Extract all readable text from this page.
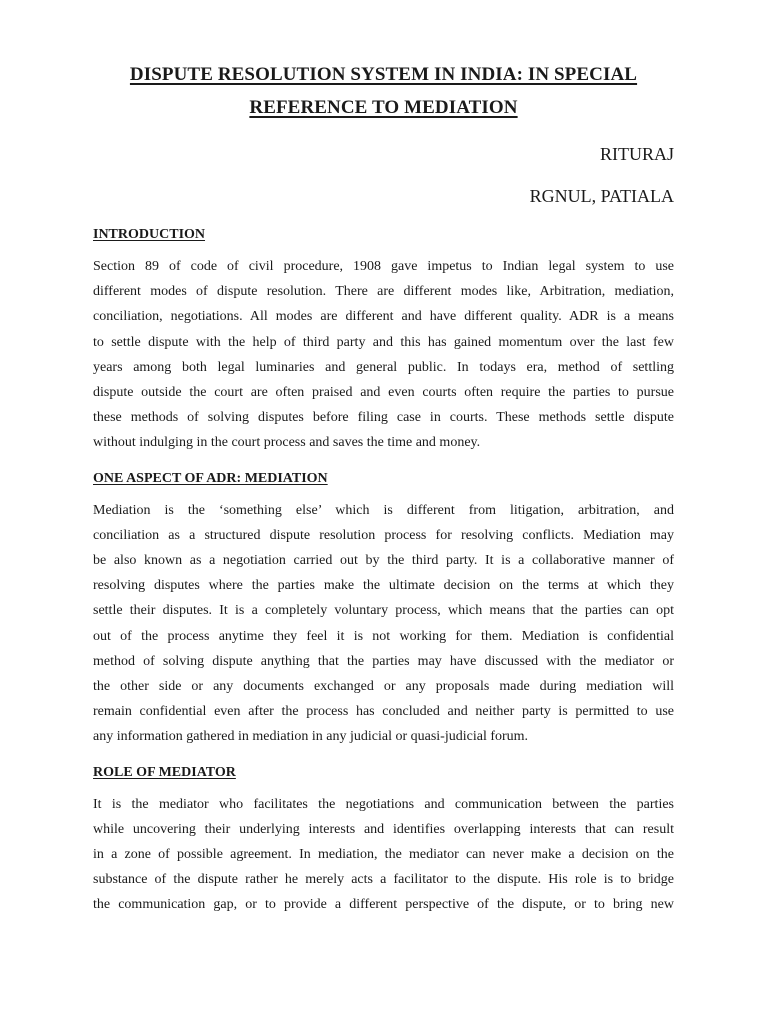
DISPUTE RESOLUTION SYSTEM IN INDIA: IN SPECIAL
REFERENCE TO MEDIATION

RITURAJ

RGNUL, PATIALA

INTRODUCTION
Section 89 of code of civil procedure, 1908 gave impetus to Indian legal system to use
different modes of dispute resolution. There are different modes like, Arbitration, mediation,
conciliation, negotiations. All modes are different and have different quality. ADR is a means
to settle dispute with the help of third party and this has gained momentum over the last few
years among both legal luminaries and general public. In todays era, method of settling
dispute outside the court are often praised and even courts often require the parties to pursue
these methods of solving disputes before filing case in courts. These methods settle dispute
without indulging in the court process and saves the time and money.
ONE ASPECT OF ADR: MEDIATION
Mediation is the ‘something else’ which is different from litigation, arbitration, and
conciliation as a structured dispute resolution process for resolving conflicts. Mediation may
be also known as a negotiation carried out by the third party. It is a collaborative manner of
resolving disputes where the parties make the ultimate decision on the terms at which they
settle their disputes. It is a completely voluntary process, which means that the parties can opt
out of the process anytime they feel it is not working for them. Mediation is confidential
method of solving dispute anything that the parties may have discussed with the mediator or
the other side or any documents exchanged or any proposals made during mediation will
remain confidential even after the process has concluded and neither party is permitted to use
any information gathered in mediation in any judicial or quasi-judicial forum.
ROLE OF MEDIATOR
It is the mediator who facilitates the negotiations and communication between the parties
while uncovering their underlying interests and identifies overlapping interests that can result
in a zone of possible agreement. In mediation, the mediator can never make a decision on the
substance of the dispute rather he merely acts a facilitator to the dispute. His role is to bridge
the communication gap, or to provide a different perspective of the dispute, or to bring new
